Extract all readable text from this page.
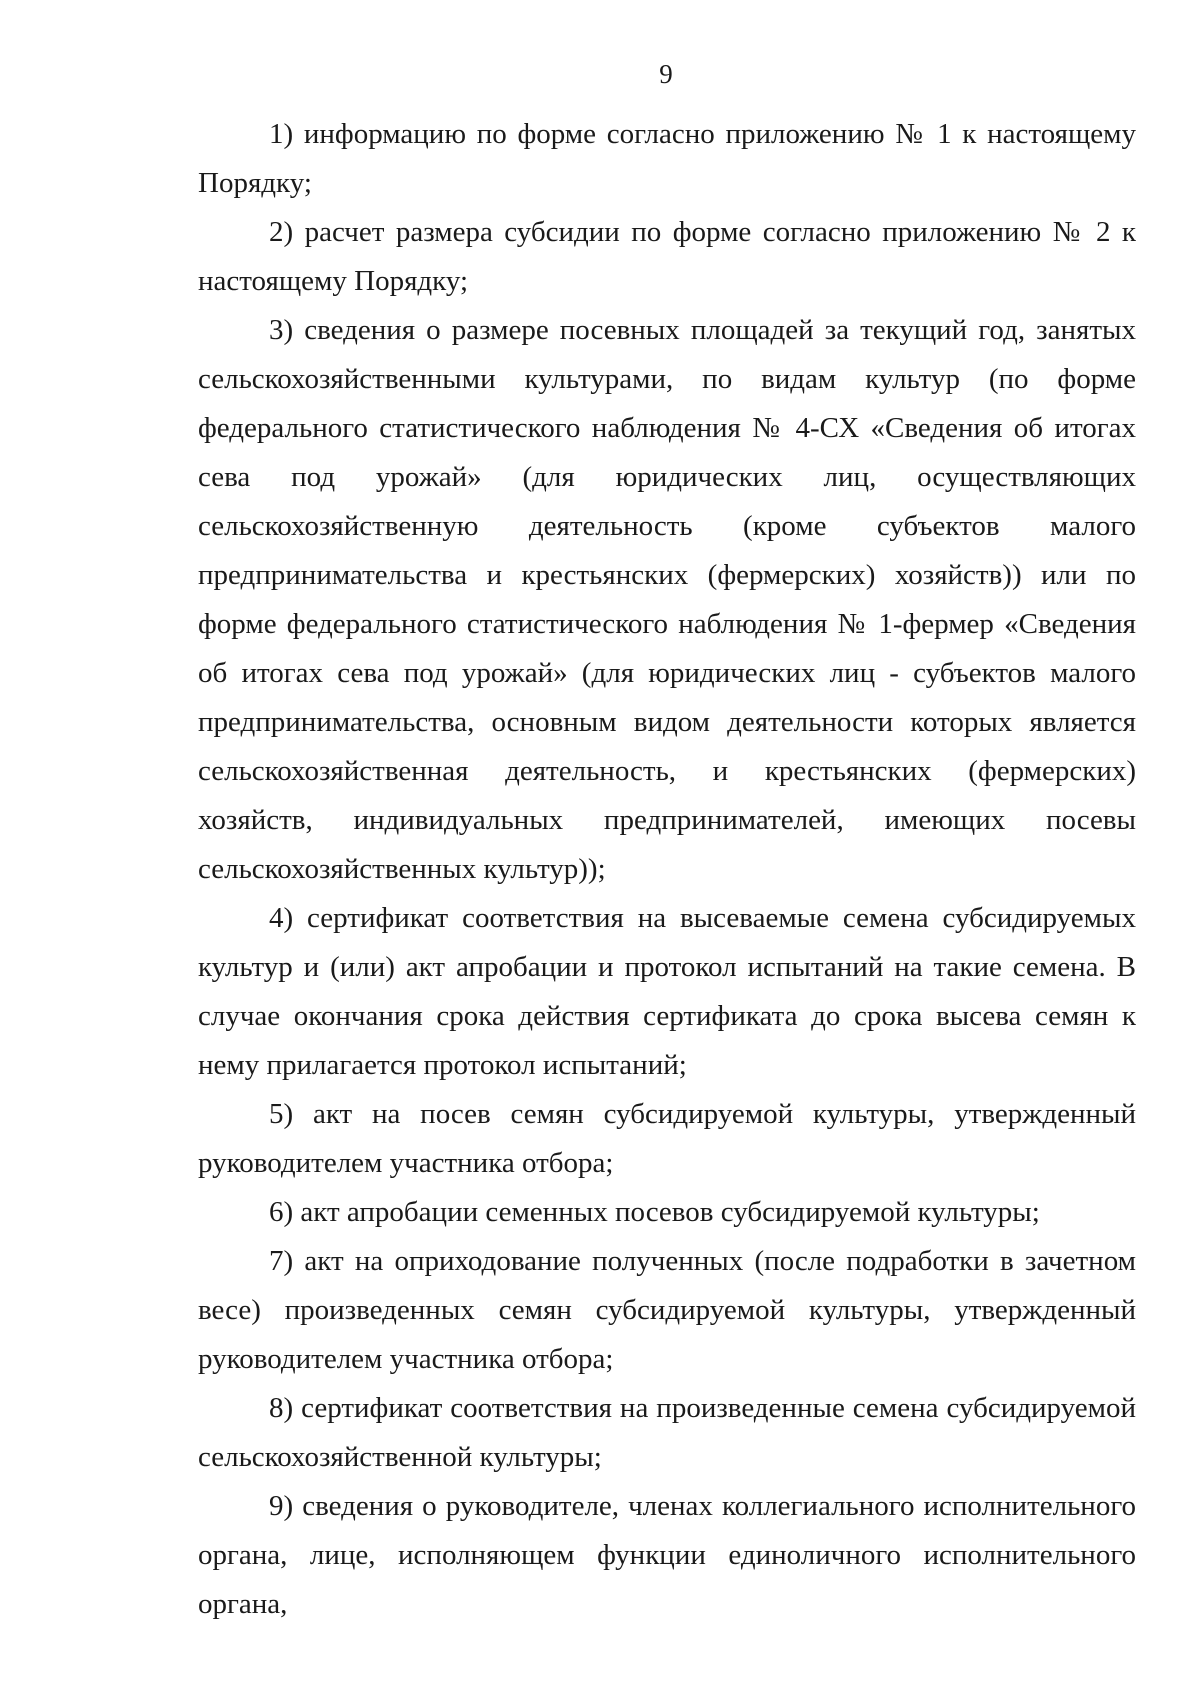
9

1) информацию по форме согласно приложению № 1 к настоящему Порядку;

2) расчет размера субсидии по форме согласно приложению № 2 к настоящему Порядку;

3) сведения о размере посевных площадей за текущий год, занятых сельскохозяйственными культурами, по видам культур (по форме федерального статистического наблюдения № 4-СХ «Сведения об итогах сева под урожай» (для юридических лиц, осуществляющих сельскохозяйственную деятельность (кроме субъектов малого предпринимательства и крестьянских (фермерских) хозяйств)) или по форме федерального статистического наблюдения № 1-фермер «Сведения об итогах сева под урожай» (для юридических лиц - субъектов малого предпринимательства, основным видом деятельности которых является сельскохозяйственная деятельность, и крестьянских (фермерских) хозяйств, индивидуальных предпринимателей, имеющих посевы сельскохозяйственных культур));

4) сертификат соответствия на высеваемые семена субсидируемых культур и (или) акт апробации и протокол испытаний на такие семена. В случае окончания срока действия сертификата до срока высева семян к нему прилагается протокол испытаний;

5) акт на посев семян субсидируемой культуры, утвержденный руководителем участника отбора;

6) акт апробации семенных посевов субсидируемой культуры;

7) акт на оприходование полученных (после подработки в зачетном весе) произведенных семян субсидируемой культуры, утвержденный руководителем участника отбора;

8) сертификат соответствия на произведенные семена субсидируемой сельскохозяйственной культуры;

9) сведения о руководителе, членах коллегиального исполнительного органа, лице, исполняющем функции единоличного исполнительного органа,
